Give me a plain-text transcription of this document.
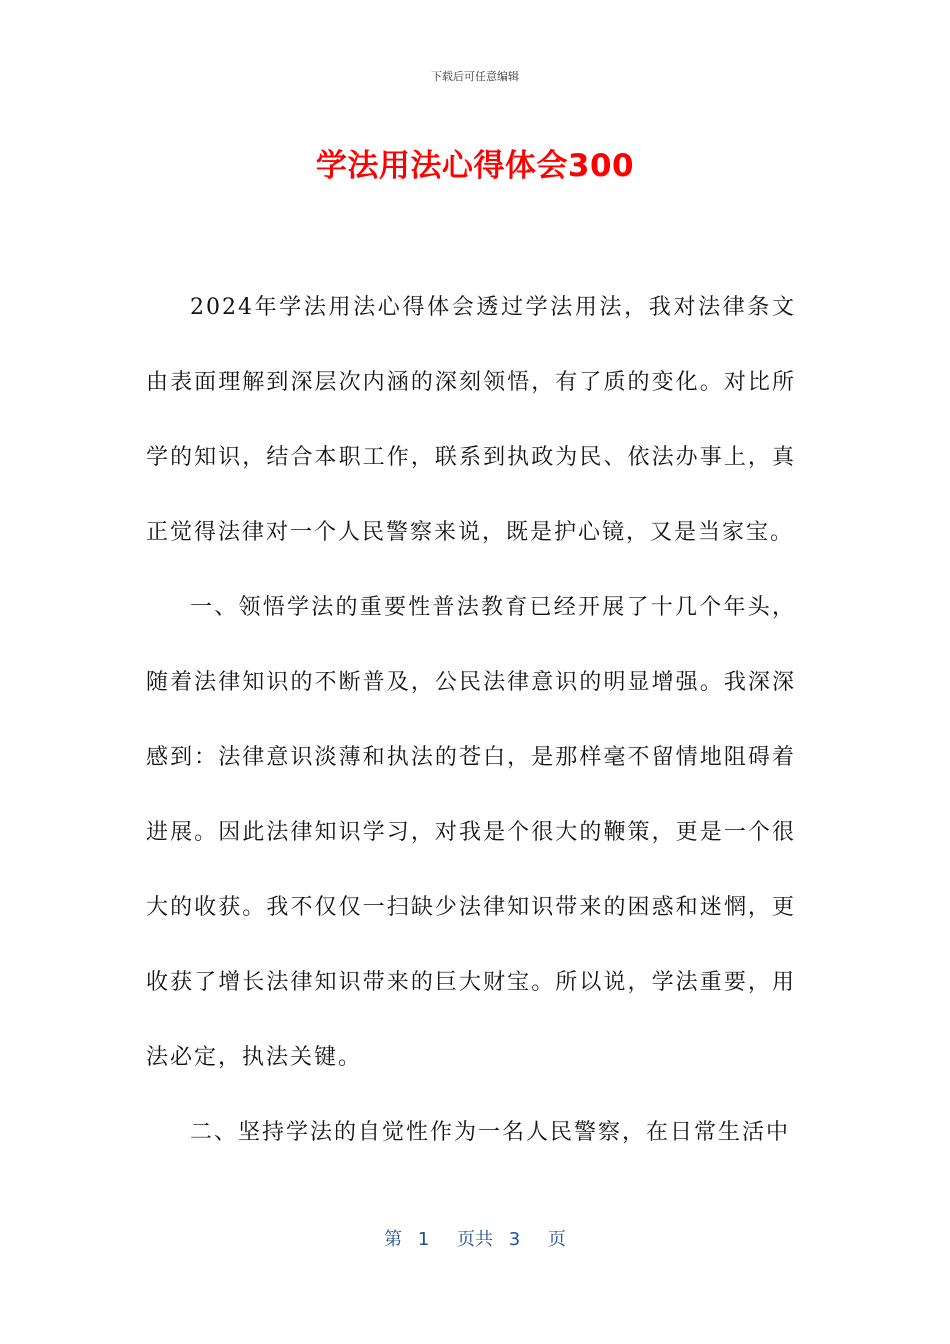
下载后可任意编辑
学法用法心得体会300

2024年学法用法心得体会透过学法用法，我对法律条文由表面理解到深层次内涵的深刻领悟，有了质的变化。对比所学的知识，结合本职工作，联系到执政为民、依法办事上，真正觉得法律对一个人民警察来说，既是护心镜，又是当家宝。

一、领悟学法的重要性普法教育已经开展了十几个年头，随着法律知识的不断普及，公民法律意识的明显增强。我深深感到：法律意识淡薄和执法的苍白，是那样毫不留情地阻碍着进展。因此法律知识学习，对我是个很大的鞭策，更是一个很大的收获。我不仅仅一扫缺少法律知识带来的困惑和迷惘，更收获了增长法律知识带来的巨大财宝。所以说，学法重要，用法必定，执法关键。

二、坚持学法的自觉性作为一名人民警察，在日常生活中

第 1 页共 3 页
